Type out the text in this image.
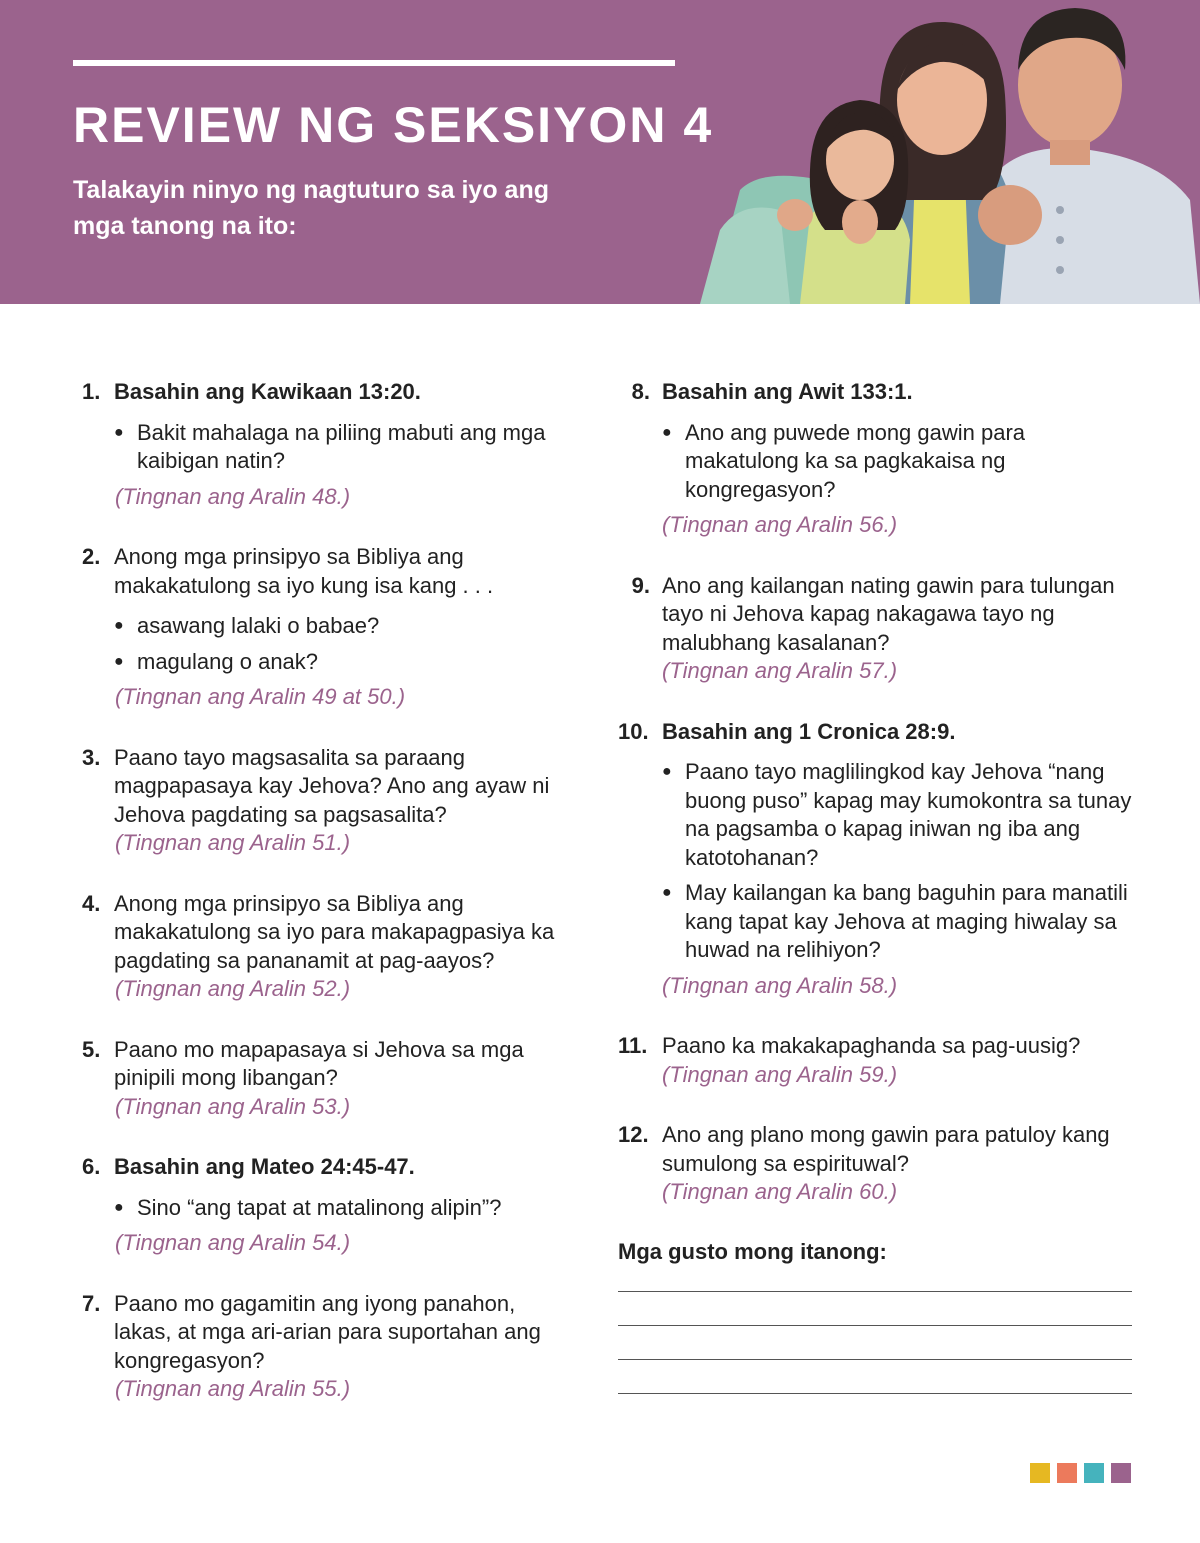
REVIEW NG SEKSIYON 4
Talakayin ninyo ng nagtuturo sa iyo ang mga tanong na ito:
1. Basahin ang Kawikaan 13:20.
● Bakit mahalaga na piliing mabuti ang mga kaibigan natin?
(Tingnan ang Aralin 48.)
2. Anong mga prinsipyo sa Bibliya ang makakatulong sa iyo kung isa kang . . .
● asawang lalaki o babae?
● magulang o anak?
(Tingnan ang Aralin 49 at 50.)
3. Paano tayo magsasalita sa paraang magpapasaya kay Jehova? Ano ang ayaw ni Jehova pagdating sa pagsasalita?
(Tingnan ang Aralin 51.)
4. Anong mga prinsipyo sa Bibliya ang makakatulong sa iyo para makapagpasiya ka pagdating sa pananamit at pag-aayos?
(Tingnan ang Aralin 52.)
5. Paano mo mapapasaya si Jehova sa mga pinipili mong libangan?
(Tingnan ang Aralin 53.)
6. Basahin ang Mateo 24:45-47.
● Sino “ang tapat at matalinong alipin”?
(Tingnan ang Aralin 54.)
7. Paano mo gagamitin ang iyong panahon, lakas, at mga ari-arian para suportahan ang kongregasyon?
(Tingnan ang Aralin 55.)
8. Basahin ang Awit 133:1.
● Ano ang puwede mong gawin para makatulong ka sa pagkakaisa ng kongregasyon?
(Tingnan ang Aralin 56.)
9. Ano ang kailangan nating gawin para tulungan tayo ni Jehova kapag nakagawa tayo ng malubhang kasalanan?
(Tingnan ang Aralin 57.)
10. Basahin ang 1 Cronica 28:9.
● Paano tayo maglilingkod kay Jehova “nang buong puso” kapag may kumokontra sa tunay na pagsamba o kapag iniwan ng iba ang katotohanan?
● May kailangan ka bang baguhin para manatili kang tapat kay Jehova at maging hiwalay sa huwad na relihiyon?
(Tingnan ang Aralin 58.)
11. Paano ka makakapaghanda sa pag-uusig?
(Tingnan ang Aralin 59.)
12. Ano ang plano mong gawin para patuloy kang sumulong sa espirituwal?
(Tingnan ang Aralin 60.)
Mga gusto mong itanong:
